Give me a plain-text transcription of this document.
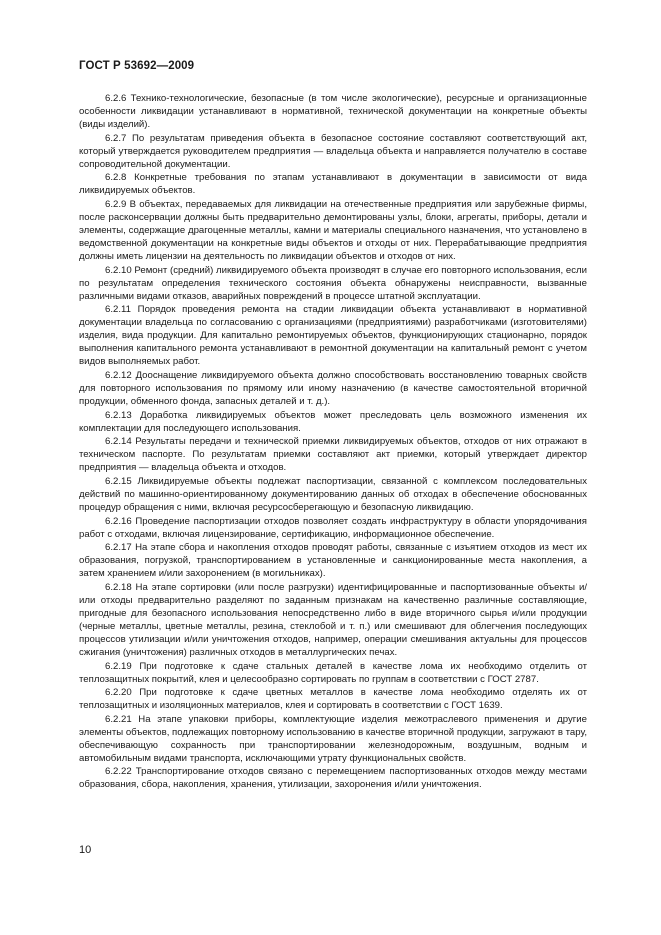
ГОСТ Р 53692—2009

6.2.6 Технико-технологические, безопасные (в том числе экологические), ресурсные и организационные особенности ликвидации устанавливают в нормативной, технической документации на конкретные объекты (виды изделий).

6.2.7 По результатам приведения объекта в безопасное состояние составляют соответствующий акт, который утверждается руководителем предприятия — владельца объекта и направляется получателю в составе сопроводительной документации.

6.2.8 Конкретные требования по этапам устанавливают в документации в зависимости от вида ликвидируемых объектов.

6.2.9 В объектах, передаваемых для ликвидации на отечественные предприятия или зарубежные фирмы, после расконсервации должны быть предварительно демонтированы узлы, блоки, агрегаты, приборы, детали и элементы, содержащие драгоценные металлы, камни и материалы специального назначения, что установлено в ведомственной документации на конкретные виды объектов и отходы от них. Перерабатывающие предприятия должны иметь лицензии на деятельность по ликвидации объектов и отходов от них.

6.2.10 Ремонт (средний) ликвидируемого объекта производят в случае его повторного использования, если по результатам определения технического состояния объекта обнаружены неисправности, вызванные различными видами отказов, аварийных повреждений в процессе штатной эксплуатации.

6.2.11 Порядок проведения ремонта на стадии ликвидации объекта устанавливают в нормативной документации владельца по согласованию с организациями (предприятиями) разработчиками (изготовителями) изделия, вида продукции. Для капитально ремонтируемых объектов, функционирующих стационарно, порядок выполнения капитального ремонта устанавливают в ремонтной документации на капитальный ремонт с учетом видов выполняемых работ.

6.2.12 Дооснащение ликвидируемого объекта должно способствовать восстановлению товарных свойств для повторного использования по прямому или иному назначению (в качестве самостоятельной вторичной продукции, обменного фонда, запасных деталей и т. д.).

6.2.13 Доработка ликвидируемых объектов может преследовать цель возможного изменения их комплектации для последующего использования.

6.2.14 Результаты передачи и технической приемки ликвидируемых объектов, отходов от них отражают в техническом паспорте. По результатам приемки составляют акт приемки, который утверждает директор предприятия — владельца объекта и отходов.

6.2.15 Ликвидируемые объекты подлежат паспортизации, связанной с комплексом последовательных действий по машинно-ориентированному документированию данных об отходах в обеспечение обоснованных процедур обращения с ними, включая ресурсосберегающую и безопасную ликвидацию.

6.2.16 Проведение паспортизации отходов позволяет создать инфраструктуру в области упорядочивания работ с отходами, включая лицензирование, сертификацию, информационное обеспечение.

6.2.17 На этапе сбора и накопления отходов проводят работы, связанные с изъятием отходов из мест их образования, погрузкой, транспортированием в установленные и санкционированные места накопления, а затем хранением и/или захоронением (в могильниках).

6.2.18 На этапе сортировки (или после разгрузки) идентифицированные и паспортизованные объекты и/или отходы предварительно разделяют по заданным признакам на качественно различные составляющие, пригодные для безопасного использования непосредственно либо в виде вторичного сырья и/или продукции (черные металлы, цветные металлы, резина, стеклобой и т. п.) или смешивают для облегчения последующих процессов утилизации и/или уничтожения отходов, например, операции смешивания актуальны для процессов сжигания (уничтожения) различных отходов в металлургических печах.

6.2.19 При подготовке к сдаче стальных деталей в качестве лома их необходимо отделить от теплозащитных покрытий, клея и целесообразно сортировать по группам в соответствии с ГОСТ 2787.

6.2.20 При подготовке к сдаче цветных металлов в качестве лома необходимо отделять их от теплозащитных и изоляционных материалов, клея и сортировать в соответствии с ГОСТ 1639.

6.2.21 На этапе упаковки приборы, комплектующие изделия межотраслевого применения и другие элементы объектов, подлежащих повторному использованию в качестве вторичной продукции, загружают в тару, обеспечивающую сохранность при транспортировании железнодорожным, воздушным, водным и автомобильным видами транспорта, исключающими утрату функциональных свойств.

6.2.22 Транспортирование отходов связано с перемещением паспортизованных отходов между местами образования, сбора, накопления, хранения, утилизации, захоронения и/или уничтожения.

10
